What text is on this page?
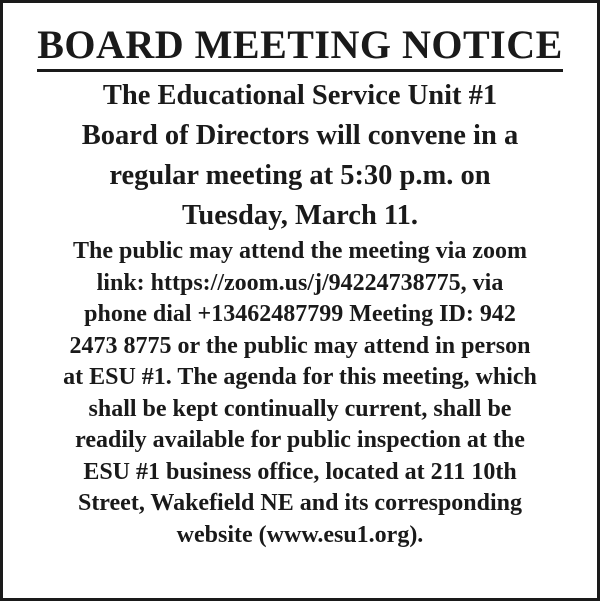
BOARD MEETING NOTICE
The Educational Service Unit #1
Board of Directors will convene in a
regular meeting at 5:30 p.m. on
Tuesday, March 11.
The public may attend the meeting via zoom
link: https://zoom.us/j/94224738775, via
phone dial +13462487799 Meeting ID: 942
2473 8775 or the public may attend in person
at ESU #1. The agenda for this meeting, which
shall be kept continually current, shall be
readily available for public inspection at the
ESU #1 business office, located at 211 10th
Street, Wakefield NE and its corresponding
website (www.esu1.org).
